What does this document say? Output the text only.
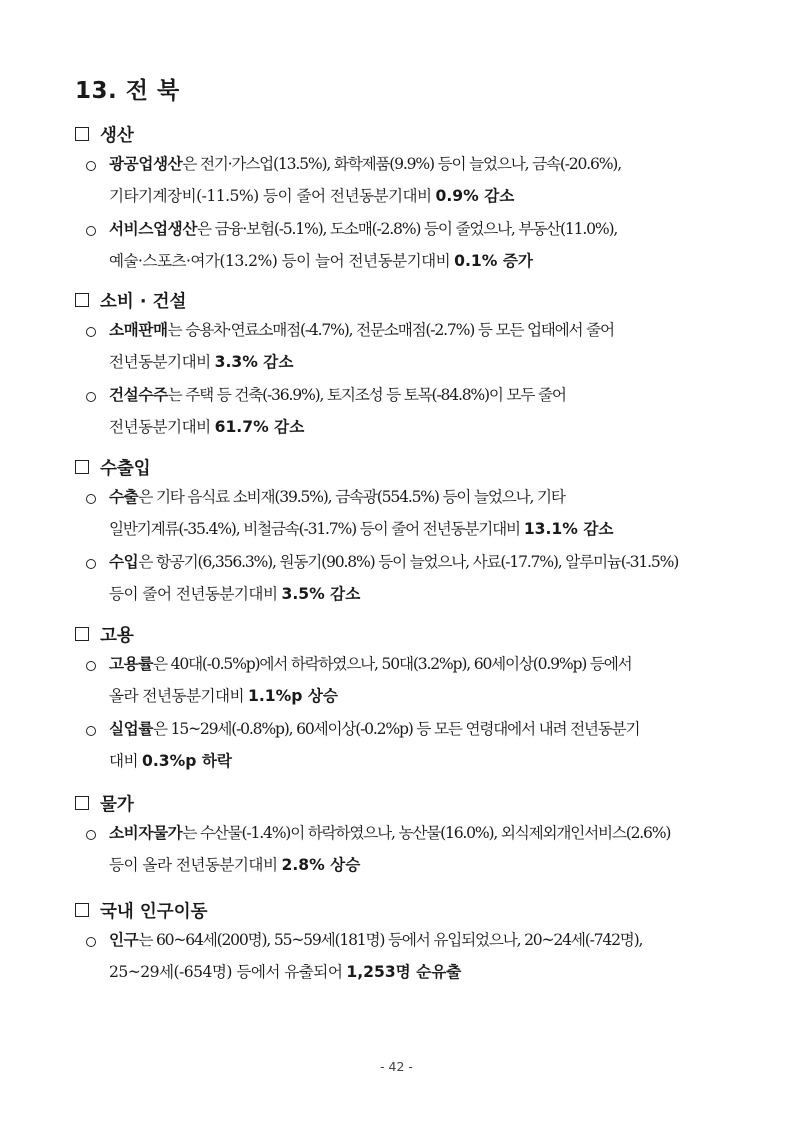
13. 전 북
생산
광공업생산은 전기·가스업(13.5%), 화학제품(9.9%) 등이 늘었으나, 금속(-20.6%),
기타기계장비(-11.5%) 등이 줄어 전년동분기대비 0.9% 감소
서비스업생산은 금융·보험(-5.1%), 도소매(-2.8%) 등이 줄었으나, 부동산(11.0%),
예술·스포츠·여가(13.2%) 등이 늘어 전년동분기대비 0.1% 증가
소비 · 건설
소매판매는 승용차·연료소매점(-4.7%), 전문소매점(-2.7%) 등 모든 업태에서 줄어
전년동분기대비 3.3% 감소
건설수주는 주택 등 건축(-36.9%), 토지조성 등 토목(-84.8%)이 모두 줄어
전년동분기대비 61.7% 감소
수출입
수출은 기타 음식료 소비재(39.5%), 금속광(554.5%) 등이 늘었으나, 기타
일반기계류(-35.4%), 비철금속(-31.7%) 등이 줄어 전년동분기대비 13.1% 감소
수입은 항공기(6,356.3%), 원동기(90.8%) 등이 늘었으나, 사료(-17.7%), 알루미늄(-31.5%)
등이 줄어 전년동분기대비 3.5% 감소
고용
고용률은 40대(-0.5%p)에서 하락하였으나, 50대(3.2%p), 60세이상(0.9%p) 등에서
올라 전년동분기대비 1.1%p 상승
실업률은 15~29세(-0.8%p), 60세이상(-0.2%p) 등 모든 연령대에서 내려 전년동분기
대비 0.3%p 하락
물가
소비자물가는 수산물(-1.4%)이 하락하였으나, 농산물(16.0%), 외식제외개인서비스(2.6%)
등이 올라 전년동분기대비 2.8% 상승
국내 인구이동
인구는 60~64세(200명), 55~59세(181명) 등에서 유입되었으나, 20~24세(-742명),
25~29세(-654명) 등에서 유출되어 1,253명 순유출
- 42 -
